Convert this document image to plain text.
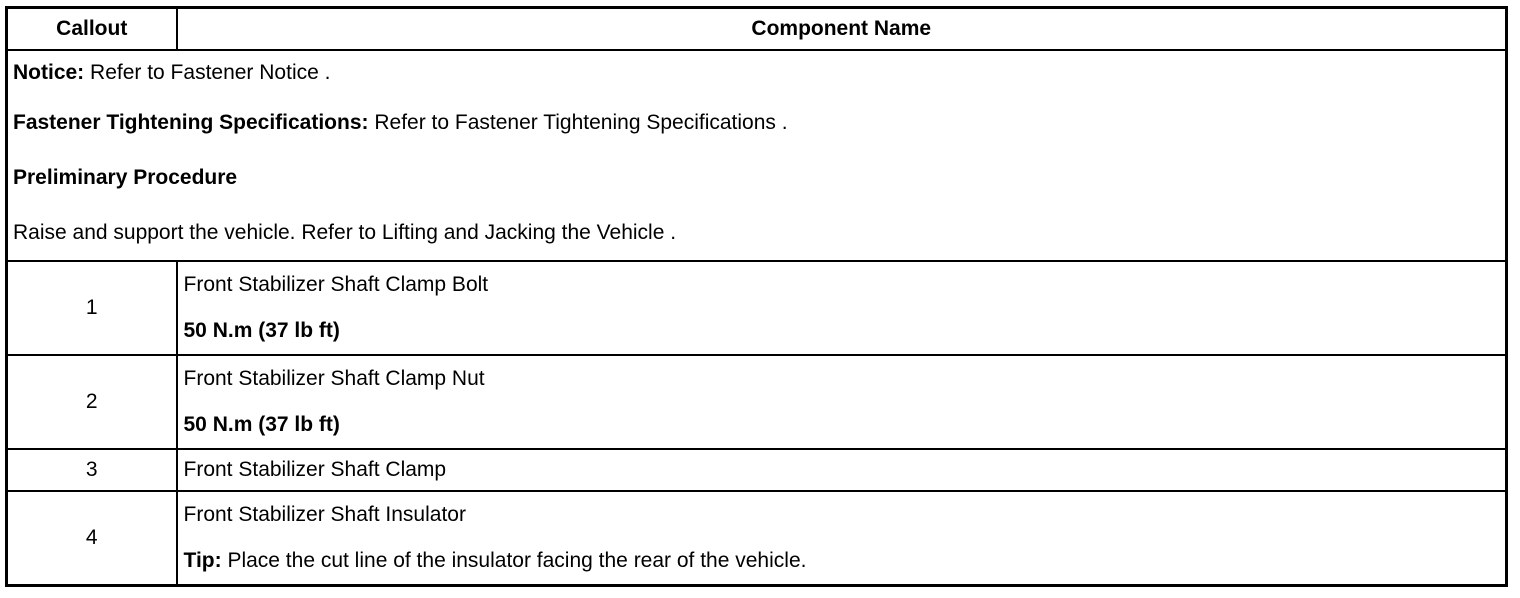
Callout	Component Name

Notice: Refer to Fastener Notice .

Fastener Tightening Specifications: Refer to Fastener Tightening Specifications .

Preliminary Procedure

Raise and support the vehicle. Refer to Lifting and Jacking the Vehicle .	

1	Front Stabilizer Shaft Clamp Bolt

50 N.m (37 lb ft)

2	Front Stabilizer Shaft Clamp Nut

50 N.m (37 lb ft)

3	Front Stabilizer Shaft Clamp

4	Front Stabilizer Shaft Insulator

Tip: Place the cut line of the insulator facing the rear of the vehicle.
